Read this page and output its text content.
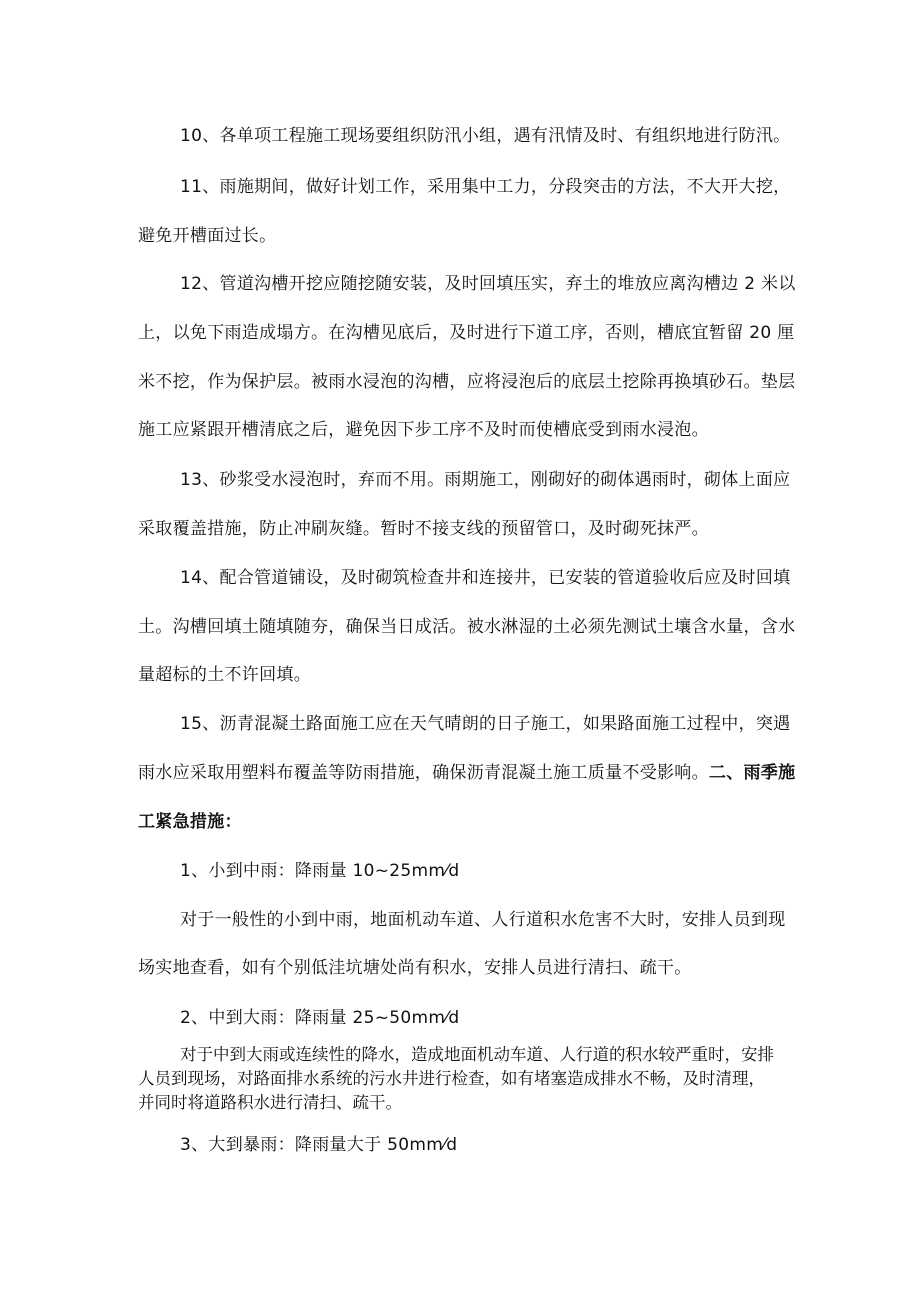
10、各单项工程施工现场要组织防汛小组，遇有汛情及时、有组织地进行防汛。
11、雨施期间，做好计划工作，采用集中工力，分段突击的方法，不大开大挖，
避免开槽面过长。
12、管道沟槽开挖应随挖随安装，及时回填压实，弃土的堆放应离沟槽边 2 米以
上，以免下雨造成塌方。在沟槽见底后，及时进行下道工序，否则，槽底宜暂留 20 厘
米不挖，作为保护层。被雨水浸泡的沟槽，应将浸泡后的底层土挖除再换填砂石。垫层
施工应紧跟开槽清底之后，避免因下步工序不及时而使槽底受到雨水浸泡。
13、砂浆受水浸泡时，弃而不用。雨期施工，刚砌好的砌体遇雨时，砌体上面应
采取覆盖措施，防止冲刷灰缝。暂时不接支线的预留管口，及时砌死抹严。
14、配合管道铺设，及时砌筑检查井和连接井，已安装的管道验收后应及时回填
土。沟槽回填土随填随夯，确保当日成活。被水淋湿的土必须先测试土壤含水量，含水
量超标的土不许回填。
15、沥青混凝土路面施工应在天气晴朗的日子施工，如果路面施工过程中，突遇
雨水应采取用塑料布覆盖等防雨措施，确保沥青混凝土施工质量不受影响。二、雨季施
工紧急措施：
1、小到中雨：降雨量 10~25mm⁄d
对于一般性的小到中雨，地面机动车道、人行道积水危害不大时，安排人员到现
场实地查看，如有个别低洼坑塘处尚有积水，安排人员进行清扫、疏干。
2、中到大雨：降雨量 25~50mm⁄d
对于中到大雨或连续性的降水，造成地面机动车道、人行道的积水较严重时，安排
人员到现场，对路面排水系统的污水井进行检查，如有堵塞造成排水不畅，及时清理，
并同时将道路积水进行清扫、疏干。
3、大到暴雨：降雨量大于 50mm⁄d
